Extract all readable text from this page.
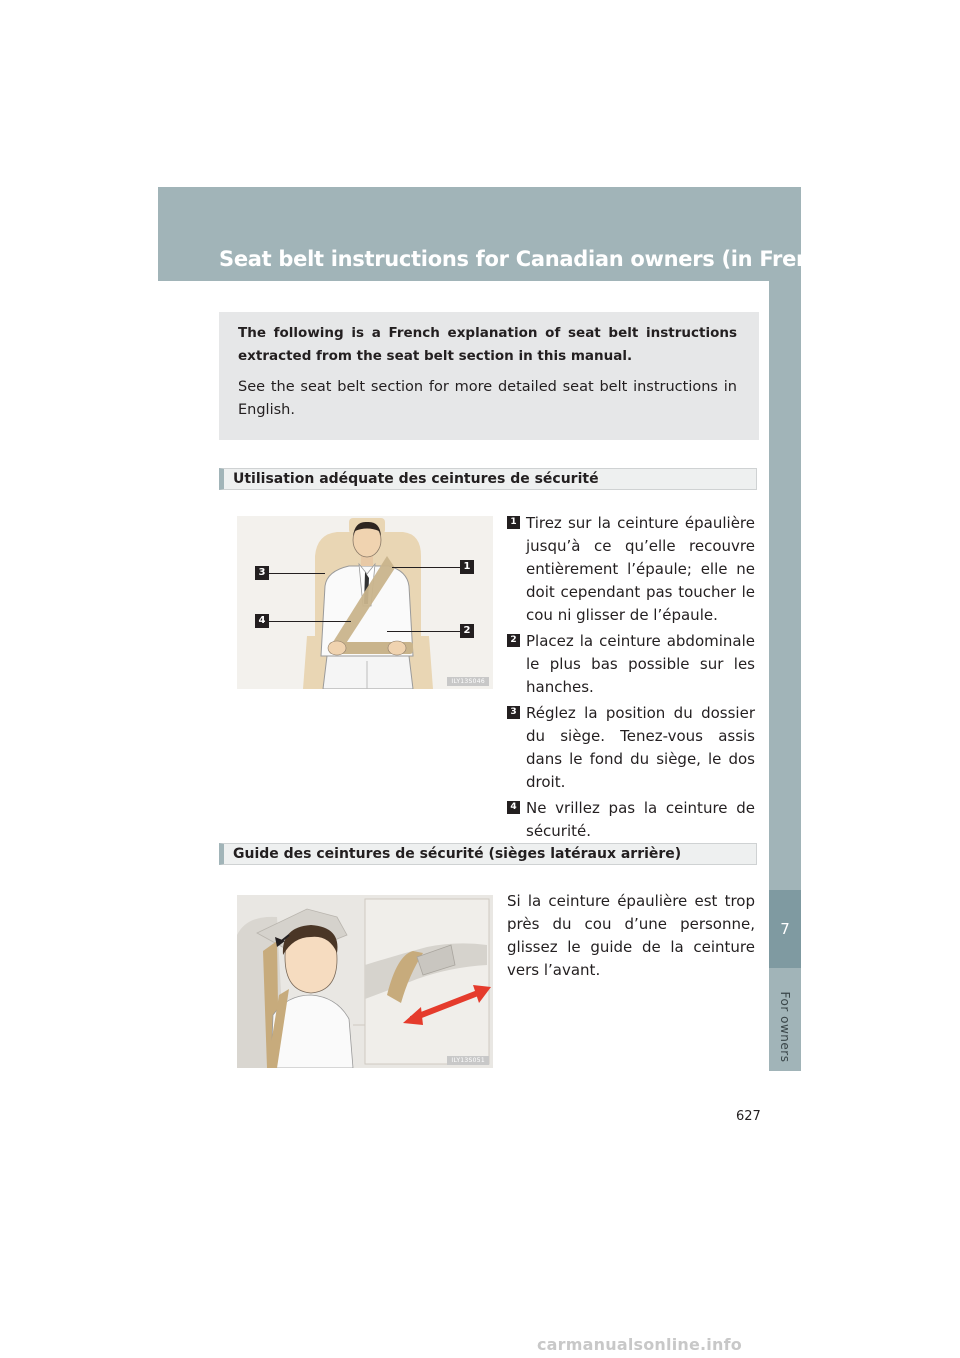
Seat belt instructions for Canadian owners (in French)
7
For owners
The following is a French explanation of seat belt instructions extracted from the seat belt section in this manual.
See the seat belt section for more detailed seat belt instructions in English.
Utilisation adéquate des ceintures de sécurité
3
1
4
2
ILY13S046
1 Tirez sur la ceinture épaulière jusqu’à ce qu’elle recouvre entièrement l’épaule; elle ne doit cependant pas toucher le cou ni glisser de l’épaule.
2 Placez la ceinture abdominale le plus bas possible sur les hanches.
3 Réglez la position du dossier du siège. Tenez-vous assis dans le fond du siège, le dos droit.
4 Ne vrillez pas la ceinture de sécurité.
Guide des ceintures de sécurité (sièges latéraux arrière)
ILY13S051
Si la ceinture épaulière est trop près du cou d’une personne, glissez le guide de la ceinture vers l’avant.
627
carmanualsonline.info
